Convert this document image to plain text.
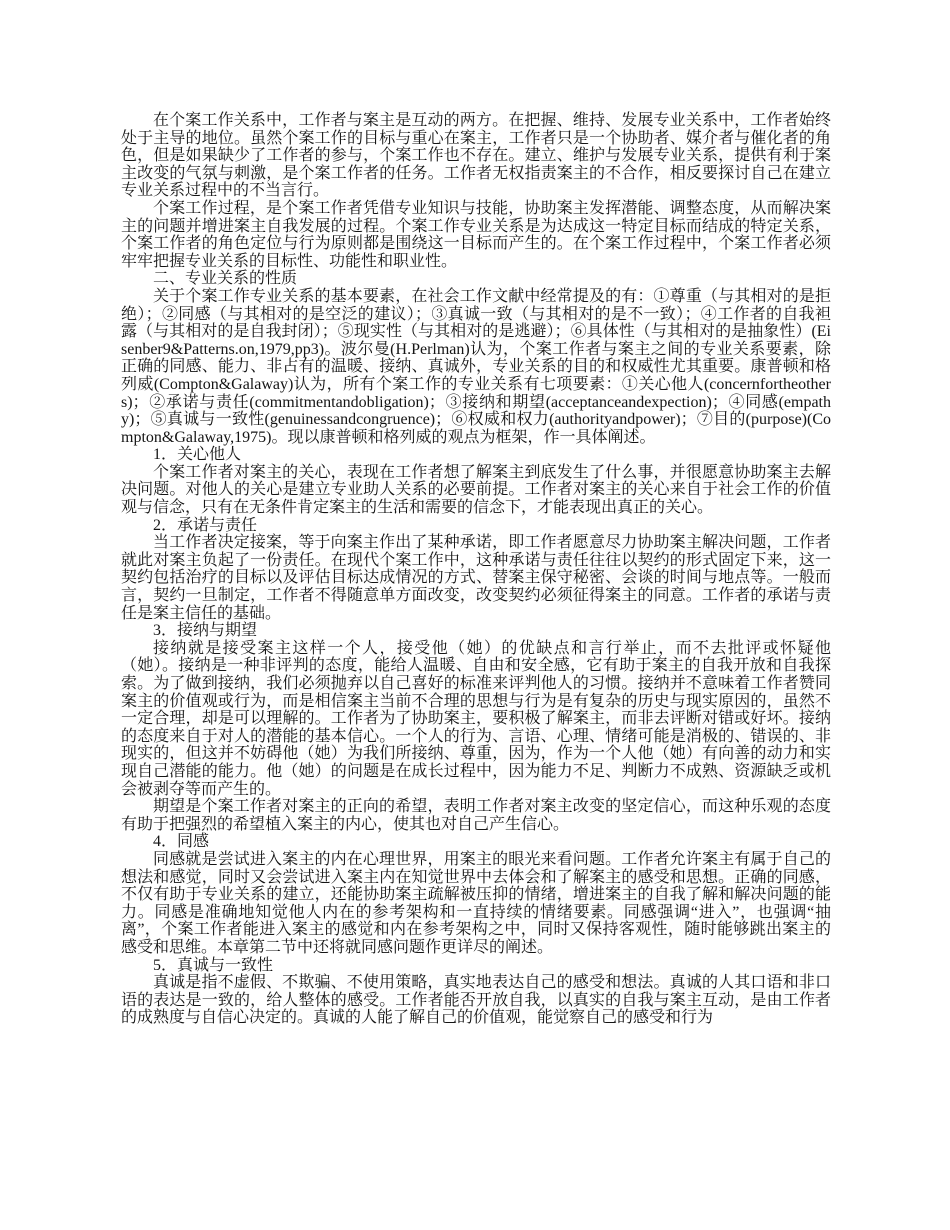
在个案工作关系中，工作者与案主是互动的两方。在把握、维持、发展专业关系中，工作者始终处于主导的地位。虽然个案工作的目标与重心在案主，工作者只是一个协助者、媒介者与催化者的角色，但是如果缺少了工作者的参与，个案工作也不存在。建立、维护与发展专业关系，提供有利于案主改变的气氛与刺激，是个案工作者的任务。工作者无权指责案主的不合作，相反要探讨自己在建立专业关系过程中的不当言行。

个案工作过程，是个案工作者凭借专业知识与技能，协助案主发挥潜能、调整态度，从而解决案主的问题并增进案主自我发展的过程。个案工作专业关系是为达成这一特定目标而结成的特定关系，个案工作者的角色定位与行为原则都是围绕这一目标而产生的。在个案工作过程中，个案工作者必须牢牢把握专业关系的目标性、功能性和职业性。

二、专业关系的性质

关于个案工作专业关系的基本要素，在社会工作文献中经常提及的有：①尊重（与其相对的是拒绝）；②同感（与其相对的是空泛的建议）；③真诚一致（与其相对的是不一致）；④工作者的自我袒露（与其相对的是自我封闭）；⑤现实性（与其相对的是逃避）；⑥具体性（与其相对的是抽象性）(Eisenber9&Patterns.on,1979,pp3)。波尔曼(H.Perlman)认为，个案工作者与案主之间的专业关系要素，除正确的同感、能力、非占有的温暖、接纳、真诚外，专业关系的目的和权威性尤其重要。康普顿和格列威(Compton&Galaway)认为，所有个案工作的专业关系有七项要素：①关心他人(concernfortheothers)；②承诺与责任(commitmentandobligation)；③接纳和期望(acceptanceandexpection)；④同感(empathy)；⑤真诚与一致性(genuinessandcongruence)；⑥权威和权力(authorityandpower)；⑦目的(purpose)(Compton&Galaway,1975)。现以康普顿和格列威的观点为框架，作一具体阐述。

1．关心他人

个案工作者对案主的关心，表现在工作者想了解案主到底发生了什么事，并很愿意协助案主去解决问题。对他人的关心是建立专业助人关系的必要前提。工作者对案主的关心来自于社会工作的价值观与信念，只有在无条件肯定案主的生活和需要的信念下，才能表现出真正的关心。

2．承诺与责任

当工作者决定接案，等于向案主作出了某种承诺，即工作者愿意尽力协助案主解决问题，工作者就此对案主负起了一份责任。在现代个案工作中，这种承诺与责任往往以契约的形式固定下来，这一契约包括治疗的目标以及评估目标达成情况的方式、替案主保守秘密、会谈的时间与地点等。一般而言，契约一旦制定，工作者不得随意单方面改变，改变契约必须征得案主的同意。工作者的承诺与责任是案主信任的基础。

3．接纳与期望

接纳就是接受案主这样一个人，接受他（她）的优缺点和言行举止，而不去批评或怀疑他（她）。接纳是一种非评判的态度，能给人温暖、自由和安全感，它有助于案主的自我开放和自我探索。为了做到接纳，我们必须抛弃以自己喜好的标准来评判他人的习惯。接纳并不意味着工作者赞同案主的价值观或行为，而是相信案主当前不合理的思想与行为是有复杂的历史与现实原因的，虽然不一定合理，却是可以理解的。工作者为了协助案主，要积极了解案主，而非去评断对错或好坏。接纳的态度来自于对人的潜能的基本信心。一个人的行为、言语、心理、情绪可能是消极的、错误的、非现实的，但这并不妨碍他（她）为我们所接纳、尊重，因为，作为一个人他（她）有向善的动力和实现自己潜能的能力。他（她）的问题是在成长过程中，因为能力不足、判断力不成熟、资源缺乏或机会被剥夺等而产生的。

期望是个案工作者对案主的正向的希望，表明工作者对案主改变的坚定信心，而这种乐观的态度有助于把强烈的希望植入案主的内心，使其也对自己产生信心。

4．同感

同感就是尝试进入案主的内在心理世界，用案主的眼光来看问题。工作者允许案主有属于自己的想法和感觉，同时又会尝试进入案主内在知觉世界中去体会和了解案主的感受和思想。正确的同感，不仅有助于专业关系的建立，还能协助案主疏解被压抑的情绪，增进案主的自我了解和解决问题的能力。同感是准确地知觉他人内在的参考架构和一直持续的情绪要素。同感强调“进入”，也强调“抽离”，个案工作者能进入案主的感觉和内在参考架构之中，同时又保持客观性，随时能够跳出案主的感受和思维。本章第二节中还将就同感问题作更详尽的阐述。

5．真诚与一致性

真诚是指不虚假、不欺骗、不使用策略，真实地表达自己的感受和想法。真诚的人其口语和非口语的表达是一致的，给人整体的感受。工作者能否开放自我，以真实的自我与案主互动，是由工作者的成熟度与自信心决定的。真诚的人能了解自己的价值观，能觉察自己的感受和行为
